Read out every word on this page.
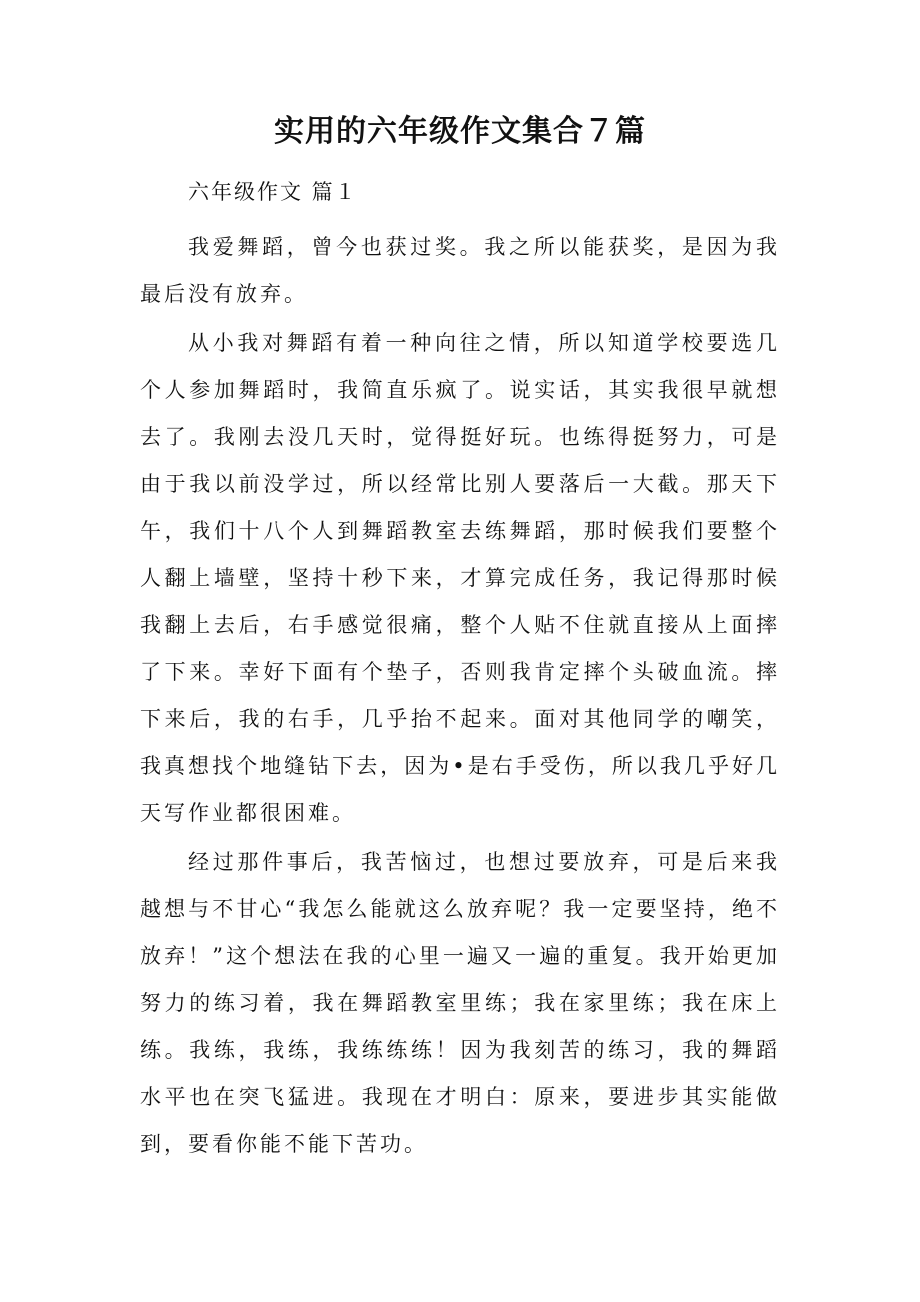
实用的六年级作文集合７篇
六年级作文 篇１

我爱舞蹈，曾今也获过奖。我之所以能获奖，是因为我最后没有放弃。

从小我对舞蹈有着一种向往之情，所以知道学校要选几个人参加舞蹈时，我简直乐疯了。说实话，其实我很早就想去了。我刚去没几天时，觉得挺好玩。也练得挺努力，可是由于我以前没学过，所以经常比别人要落后一大截。那天下午，我们十八个人到舞蹈教室去练舞蹈，那时候我们要整个人翻上墙壁，坚持十秒下来，才算完成任务，我记得那时候我翻上去后，右手感觉很痛，整个人贴不住就直接从上面摔了下来。幸好下面有个垫子，否则我肯定摔个头破血流。摔下来后，我的右手，几乎抬不起来。面对其他同学的嘲笑，我真想找个地缝钻下去，因为•是右手受伤，所以我几乎好几天写作业都很困难。

经过那件事后，我苦恼过，也想过要放弃，可是后来我越想与不甘心“我怎么能就这么放弃呢？我一定要坚持，绝不放弃！”这个想法在我的心里一遍又一遍的重复。我开始更加努力的练习着，我在舞蹈教室里练；我在家里练；我在床上练。我练，我练，我练练练！因为我刻苦的练习，我的舞蹈水平也在突飞猛进。我现在才明白：原来，要进步其实能做到，要看你能不能下苦功。
